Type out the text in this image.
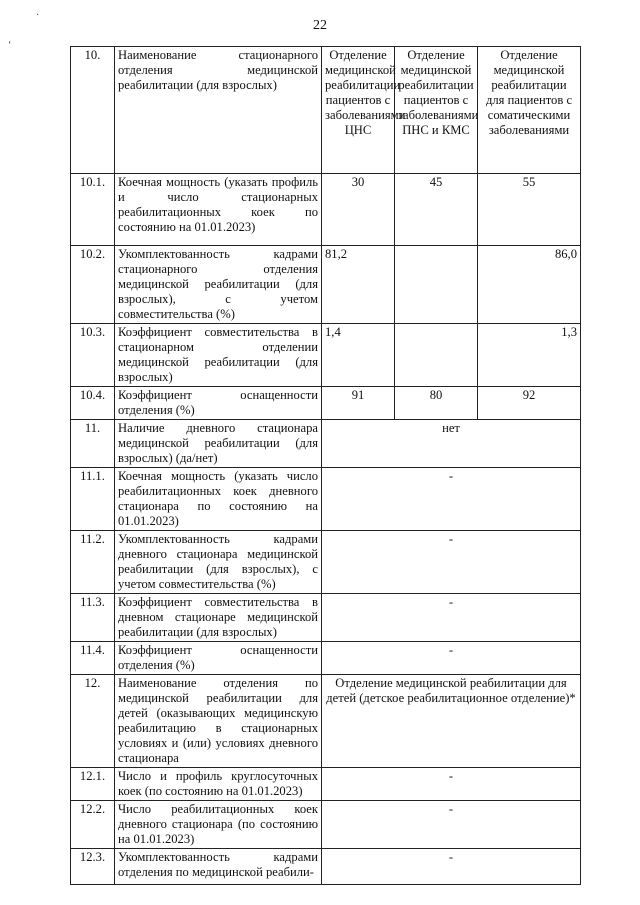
22
·
‘
10.	Наименование стационарного отделения медицинской реабилитации (для взрослых)	Отделение медицинской реабилитации пациентов с заболеваниями ЦНС	Отделение медицинской реабилитации пациентов с заболеваниями ПНС и КМС	Отделение медицинской реабилитации для пациентов с соматическими заболеваниями
10.1.	Коечная мощность (указать профиль и число стационарных реабилитационных коек по состоянию на 01.01.2023)	30	45	55
10.2.	Укомплектованность кадрами стационарного отделения медицинской реабилитации (для взрослых), с учетом совместительства (%)	81,2		86,0
10.3.	Коэффициент совместительства в стационарном отделении медицинской реабилитации (для взрослых)	1,4		1,3
10.4.	Коэффициент оснащенности отделения (%)	91	80	92
11.	Наличие дневного стационара медицинской реабилитации (для взрослых) (да/нет)	нет		
11.1.	Коечная мощность (указать число реабилитационных коек дневного стационара по состоянию на 01.01.2023)	-		
11.2.	Укомплектованность кадрами дневного стационара медицинской реабилитации (для взрослых), с учетом совместительства (%)	-		
11.3.	Коэффициент совместительства в дневном стационаре медицинской реабилитации (для взрослых)	-		
11.4.	Коэффициент оснащенности отделения (%)	-		
12.	Наименование отделения по медицинской реабилитации для детей (оказывающих медицинскую реабилитацию в стационарных условиях и (или) условиях дневного стационара	Отделение медицинской реабилитации для детей (детское реабилитационное отделение)*		
12.1.	Число и профиль круглосуточных коек (по состоянию на 01.01.2023)	-		
12.2.	Число реабилитационных коек дневного стационара (по состоянию на 01.01.2023)	-		
12.3.	Укомплектованность кадрами отделения по медицинской реабили-	-		
